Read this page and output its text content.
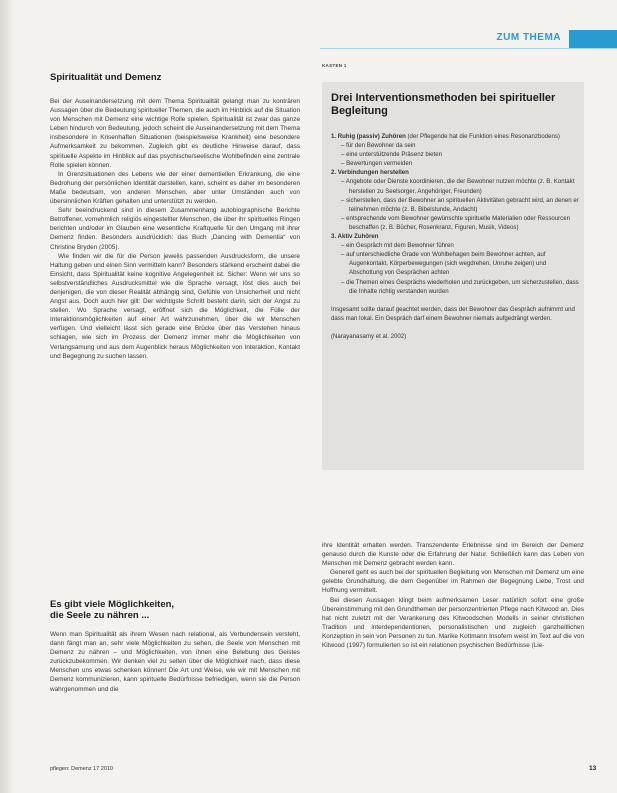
ZUM THEMA
Spiritualität und Demenz

Bei der Auseinandersetzung mit dem Thema Spiritualität gelangt man zu konträren Aussagen über die Bedeutung spiritueller Themen, die auch im Hinblick auf die Situation von Menschen mit Demenz eine wichtige Rolle spielen. Spiritualität ist zwar das ganze Leben hindurch von Bedeutung, jedoch scheint die Auseinandersetzung mit dem Thema insbesondere in Krisenhaften Situationen (beispielsweise Krankheit) eine besondere Aufmerksamkeit zu bekommen. Zugleich gibt es deutliche Hinweise darauf, dass spirituelle Aspekte im Hinblick auf das psychische/seelische Wohlbefinden eine zentrale Rolle spielen können.

In Grenzsituationen des Lebens wie der einer dementiellen Erkrankung, die eine Bedrohung der persönlichen Identität darstellen, kann, scheint es daher im besonderen Maße bedeutsam, von anderen Menschen, aber unter Umständen auch von übersinnlichen Kräften gehalten und unterstützt zu werden.

Sehr beeindruckend sind in diesem Zusammenhang autobiographische Berichte Betroffener, vornehmlich religiös eingestellter Menschen, die über ihr spirituelles Ringen berichten und/oder im Glauben eine wesentliche Kraftquelle für den Umgang mit ihrer Demenz finden. Besonders ausdrücklich: das Buch „Dancing with Dementia“ von Christine Bryden (2005).

Wie finden wir die für die Person jeweils passenden Ausdrucksform, die unsere Haltung geben und einen Sinn vermitteln kann? Besonders stärkend erscheint dabei die Einsicht, dass Spiritualität keine kognitive Angelegenheit ist. Sicher: Wenn wir uns so selbstverständliches Ausdrucksmittel wie die Sprache versagt, löst dies auch bei denjenigen, die von dieser Realität abhängig sind, Gefühle von Unsicherheit und nicht Angst aus. Doch auch hier gilt: Der wichtigste Schritt besteht darin, sich der Angst zu stellen. Wo Sprache versagt, eröffnet sich die Möglichkeit, die Fülle der Interaktionsmöglichkeiten auf einer Art wahrzunehmen, über die wir Menschen verfügen. Und vielleicht lässt sich gerade eine Brücke über das Verstehen hinaus schlagen, wie sich im Prozess der Demenz immer mehr die Möglichkeiten von Verlangsamung und aus dem Augenblick heraus Möglichkeiten von Interaktion, Kontakt und Begegnung zu suchen lassen.

Es gibt viele Möglichkeiten,
die Seele zu nähren ...

Wenn man Spiritualität als ihrem Wesen nach relational, als Verbundensein versteht, dann fängt man an, sehr viele Möglichkeiten zu sehen, die Seele von Menschen mit Demenz zu nähren – und Möglichkeiten, von ihnen eine Belebung des Geistes zurückzubekommen. Wir denken viel zu selten über die Möglichkeit nach, dass diese Menschen uns etwas schenken können! Die Art und Weise, wie wir mit Menschen mit Demenz kommunizieren, kann spirituelle Bedürfnisse befriedigen, wenn sie die Person wahrgenommen und die

KASTEN 1
Drei Interventionsmethoden bei spiritueller Begleitung

1. Ruhig (passiv) Zuhören (der Pflegende hat die Funktion eines Resonanzbodens)

– für den Bewohner da sein

– eine unterstützende Präsenz bieten

– Bewertungen vermeiden

2. Verbindungen herstellen

– Angebote oder Dienste koordinieren, die der Bewohner nutzen möchte (z. B. Kontakt herstellen zu Seelsorger, Angehöriger, Freunden)

– sicherstellen, dass der Bewohner an spirituellen Aktivitäten gebracht wird, an denen er teilnehmen möchte (z. B. Bibelstunde, Andacht)

– entsprechende vom Bewohner gewünschte spirituelle Materialien oder Ressourcen beschaffen (z. B. Bücher, Rosenkranz, Figuren, Musik, Videos)

3. Aktiv Zuhören

– ein Gespräch mit dem Bewohner führen

– auf unterschiedliche Grade von Wohlbehagen beim Bewohner achten, auf Augenkontakt, Körperbewegungen (sich wegdrehen, Unruhe zeigen) und Abschottung von Gesprächen achten

– die Themen eines Gesprächs wiederholen und zurückgeben, um sicherzustellen, dass die Inhalte richtig verstanden wurden

Insgesamt sollte darauf geachtet werden, dass der Bewohner das Gespräch aufnimmt und dass man lokal. Ein Gespräch darf einem Bewohner niemals aufgedrängt werden.

(Narayanasamy et al. 2002)

ihre Identität erhalten werden. Transzendente Erlebnisse sind im Bereich der Demenz genauso durch die Kunste oder die Erfahrung der Natur. Schließlich kann das Leben von Menschen mit Demenz gebracht werden kann.

Generell geht es auch bei der spirituellen Begleitung von Menschen mit Demenz um eine gelebte Grundhaltung, die dem Gegenüber im Rahmen der Begegnung Liebe, Trost und Hoffnung vermittelt.

Bei diesen Aussagen klingt beim aufmerksamen Leser natürlich sofort eine große Übereinstimmung mit den Grundthemen der personzentrierten Pflege nach Kitwood an. Dies hat nicht zuletzt mit der Verankerung des Kitwoodschen Modells in seiner christlichen Tradition und interdependentionen, personalistischen und zugleich ganzheitlichen Konzeption in sein von Personen zu tun. Marike Kottmann Insofern weist im Text auf die von Kitwood (1997) formulierten so ist ein relationen psychischen Bedürfnisse (Lie-

pflegen: Demenz 17 2010	13
